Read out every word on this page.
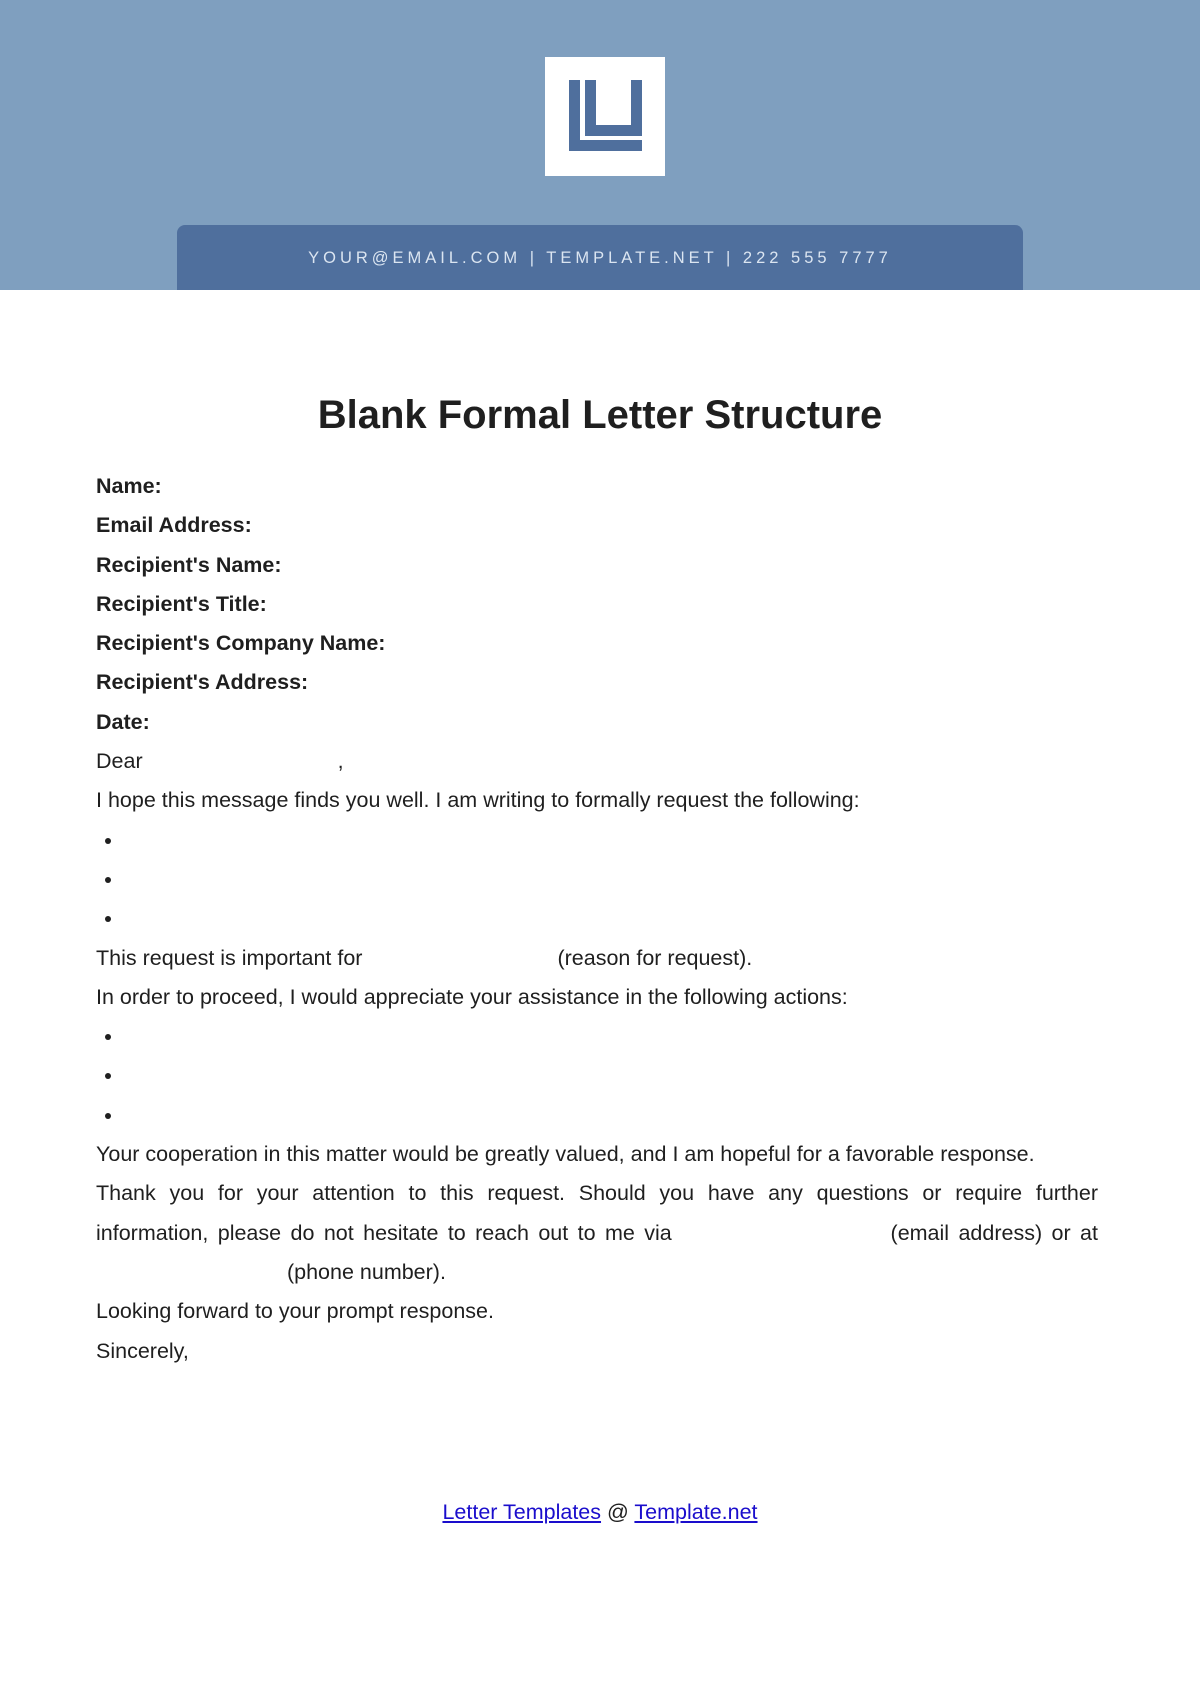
YOUR@EMAIL.COM | TEMPLATE.NET | 222 555 7777
Blank Formal Letter Structure

Name:

Email Address:

Recipient's Name:

Recipient's Title:

Recipient's Company Name:

Recipient's Address:

Date:

Dear	,

I hope this message finds you well. I am writing to formally request the following:

This request is important for	(reason for request).

In order to proceed, I would appreciate your assistance in the following actions:

Your cooperation in this matter would be greatly valued, and I am hopeful for a favorable response.

Thank you for your attention to this request. Should you have any questions or require further information, please do not hesitate to reach out to me via	(email address) or at  (phone number).

Looking forward to your prompt response.

Sincerely,

Letter Templates @ Template.net
